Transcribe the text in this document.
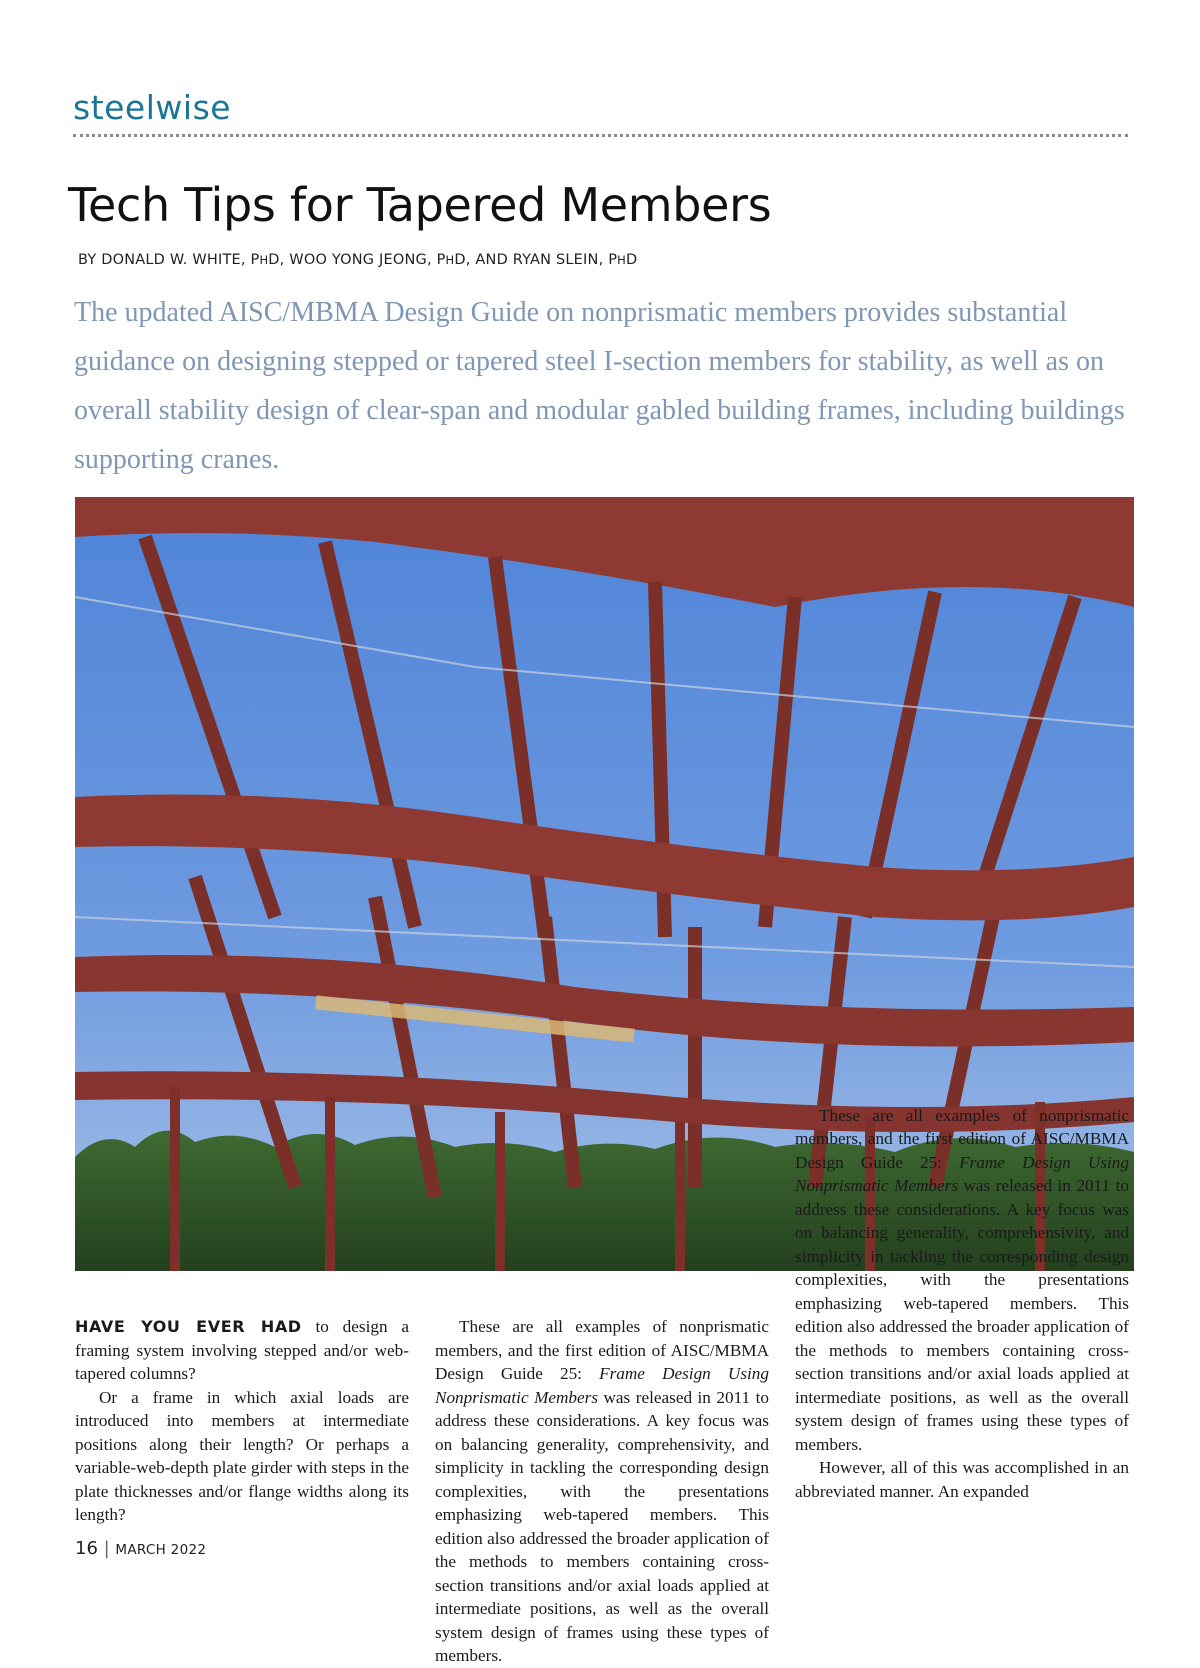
steelwise
Tech Tips for Tapered Members
BY DONALD W. WHITE, PHD, WOO YONG JEONG, PHD, AND RYAN SLEIN, PHD

The updated AISC/MBMA Design Guide on nonprismatic members provides substantial guidance on designing stepped or tapered steel I-section members for stability, as well as on overall stability design of clear-span and modular gabled building frames, including buildings supporting cranes.

HAVE YOU EVER HAD to design a framing system involving stepped and/or web-tapered columns?

Or a frame in which axial loads are introduced into members at intermediate positions along their length? Or perhaps a variable-web-depth plate girder with steps in the plate thicknesses and/or flange widths along its length?

These are all examples of nonprismatic members, and the first edition of AISC/MBMA Design Guide 25: Frame Design Using Nonprismatic Members was released in 2011 to address these considerations. A key focus was on balancing generality, comprehensivity, and simplicity in tackling the corresponding design complexities, with the presentations emphasizing web-tapered members. This edition also addressed the broader application of the methods to members containing cross-section transitions and/or axial loads applied at intermediate positions, as well as the overall system design of frames using these types of members.

These are all examples of nonprismatic members, and the first edition of AISC/MBMA Design Guide 25: Frame Design Using Nonprismatic Members was released in 2011 to address these considerations. A key focus was on balancing generality, comprehensivity, and simplicity in tackling the corresponding design complexities, with the presentations emphasizing web-tapered members. This edition also addressed the broader application of the methods to members containing cross-section transitions and/or axial loads applied at intermediate positions, as well as the overall system design of frames using these types of members.

However, all of this was accomplished in an abbreviated manner. An expanded

16 | MARCH 2022
